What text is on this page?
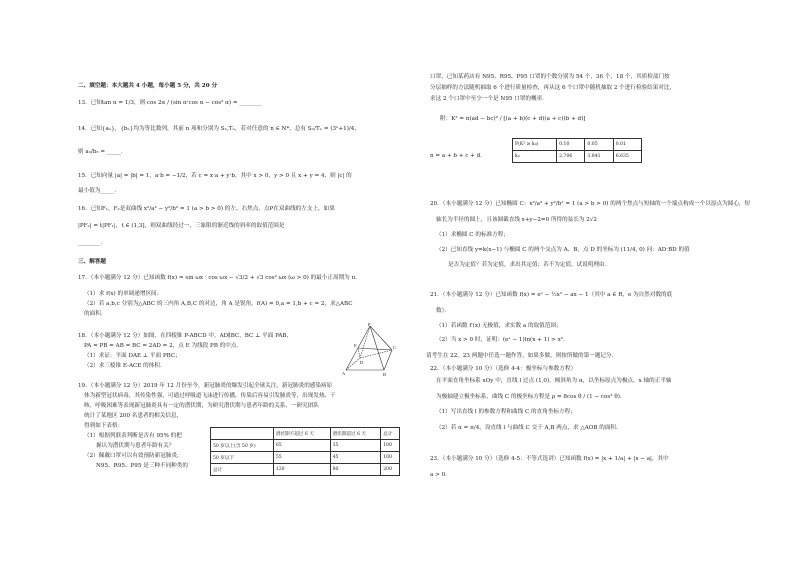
二、填空题：本大题共 4 小题，每小题 5 分，共 20 分
13．已知tan α = 1/3，则 cos 2α / (sin α·cos α − cos² α) = ________
14．已知{aₙ}，{bₙ}均为等比数列，其前 n 项和分别为 Sₙ,Tₙ，若对任意的 n ∈ N*，总有 Sₙ/Tₙ = (3ⁿ+1)/4，
则 a₃/b₃ = _____．
15．已知向量 |a| = |b| = 1，a·b = −1/2，若 c = x·a + y·b，其中 x > 0，y > 0 且 x + y = 4，则 |c| 的
最小值为_____．
16．已知F₁，F₂是双曲线 x²/a² − y²/b² = 1 (a > b > 0) 的左、右焦点，点P在双曲线的左支上，如果
|PF₂| = t|PF₁|，t ∈ (1,3]，则双曲线经过一、三象限的渐近线的斜率的取值范围是
________．
三、解答题
17．（本小题满分 12 分）已知函数 f(x) = sin ωx · cos ωx − √3/2 + √3 cos² ωx (ω > 0) 的最小正周期为 π．
（1）求 f(x) 的单调递增区间；
（2）若 a,b,c 分别为△ABC 的三内角 A,B,C 的对边，角 A 是锐角，f(A) = 0,a = 1,b + c = 2，求△ABC
的面积．
18．（本小题满分 12 分）如图，在四棱锥 P-ABCD 中，AD∥BC，BC ⊥ 平面 PAB，
PA = PB = AB = BC = 2AD = 2，点 E 为线段 PB 的中点．
（1）求证：平面 DAE ⊥ 平面 PBC；
（2）求三棱锥 E-ACE 的体积．
P
A	B
C
D
E
19．（本小题满分 12 分）2019 年 12 月份至今，新冠肺炎的爆发引起全球关注，新冠肺炎的感染病原
体为新型冠状病毒，其传染性强，可通过呼吸道飞沫进行传播，传染后容易引发肺炎等，出现发热、干
咳、呼吸困难等表现新冠肺炎具有一定的潜伏期，为研究潜伏期与患者年龄的关系，一研究团队
统计了某地区 200 名患者的相关信息，
得到如下表格：
（1）根据列联表判断是否有 95% 的把
握认为潜伏期与患者年龄有关？
（2）佩戴口罩可以有效预防新冠肺炎，
N95、R95、P95 是三种不同种类的
	潜伏期不超过 6 天	潜伏期超过 6 天	总计
50 岁以上(含 50 岁)	65	35	100
50 岁以下	55	45	100
总计	120	80	200
口罩，已知某药店有 N95、R95、P95 口罩的个数分别为 54 个，36 个，18 个，其质检部门按
分层抽样的方法随机抽取 6 个进行质量检查，再从这 6 个口罩中随机抽取 2 个进行检验结果对比，
求这 2 个口罩中至少一个是 N95 口罩的概率．
附：K² = n(ad − bc)² / [(a + b)(c + d)(a + c)(b + d)]
n = a + b + c + d．
P(K² ≥ k₀)	0.10	0.05	0.01
k₀	2.706	3.841	6.635
20．（本小题满分 12 分）已知椭圆 C：x²/a² + y²/b² = 1 (a > b > 0) 的两个焦点与短轴的一个端点构成一个以原点为圆心，短
轴长为半径的圆上，且该圆截直线 x+y−2=0 所得的弦长为 2√2
（1）求椭圆 C 的标准方程；
（2）已知直线 y=k(x−1) 与椭圆 C 的两个交点为 A、B，点 D 的坐标为 (11/4, 0) 问：AD·BD 的值
是否为定值？若为定值，求出其定值；若不为定值，试说明理由．
21．（本小题满分 12 分）已知函数 f(x) = eˣ − ½x² − ax − 1（其中 a ∈ R，e 为自然对数的底
数）．
（1）若函数 f′(x) 无极值，求实数 a 的取值范围；
（2）当 x > 0 时，证明：(eˣ − 1)ln(x + 1) > x²．
请考生在 22、23 两题中任选一题作答，如果多做，则按所做的第一题记分．
22．（本小题满分 10 分）（选修 4-4：极坐标与参数方程）
在平面直角坐标系 xOy 中，直线 l 过点 (1,0)，倾斜角为 α，以坐标原点为极点，x 轴的正半轴
为极轴建立极坐标系，曲线 C 的极坐标方程是 ρ = 8cos θ / (1 − cos² θ)．
（1）写出直线 l 的参数方程和曲线 C 的直角坐标方程；
（2）若 α = π/4，设直线 l 与曲线 C 交于 A,B 两点，求 △AOB 的面积．
23．（本小题满分 10 分）（选修 4-5：不等式选讲）已知函数 f(x) = |x + 1/a| + |x − a|，其中
a > 0．
